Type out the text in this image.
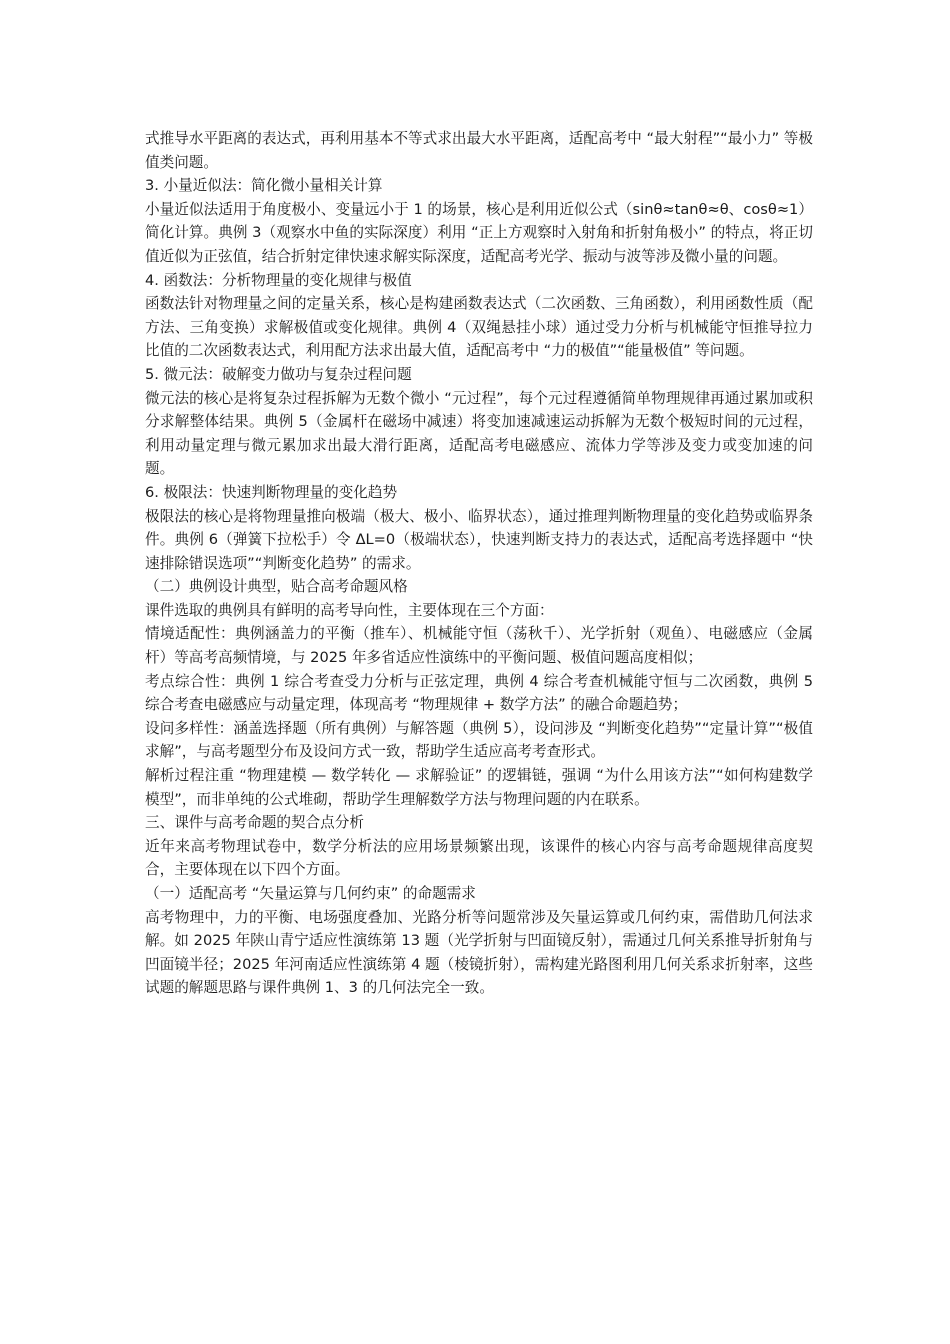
式推导水平距离的表达式，再利用基本不等式求出最大水平距离，适配高考中 “最大射程”“最小力” 等极值类问题。

3. 小量近似法：简化微小量相关计算

小量近似法适用于角度极小、变量远小于 1 的场景，核心是利用近似公式（sinθ≈tanθ≈θ、cosθ≈1）简化计算。典例 3（观察水中鱼的实际深度）利用 “正上方观察时入射角和折射角极小” 的特点，将正切值近似为正弦值，结合折射定律快速求解实际深度，适配高考光学、振动与波等涉及微小量的问题。

4. 函数法：分析物理量的变化规律与极值

函数法针对物理量之间的定量关系，核心是构建函数表达式（二次函数、三角函数），利用函数性质（配方法、三角变换）求解极值或变化规律。典例 4（双绳悬挂小球）通过受力分析与机械能守恒推导拉力比值的二次函数表达式，利用配方法求出最大值，适配高考中 “力的极值”“能量极值” 等问题。

5. 微元法：破解变力做功与复杂过程问题

微元法的核心是将复杂过程拆解为无数个微小 “元过程”，每个元过程遵循简单物理规律再通过累加或积分求解整体结果。典例 5（金属杆在磁场中减速）将变加速减速运动拆解为无数个极短时间的元过程，利用动量定理与微元累加求出最大滑行距离，适配高考电磁感应、流体力学等涉及变力或变加速的问题。

6. 极限法：快速判断物理量的变化趋势

极限法的核心是将物理量推向极端（极大、极小、临界状态），通过推理判断物理量的变化趋势或临界条件。典例 6（弹簧下拉松手）令 ΔL=0（极端状态），快速判断支持力的表达式，适配高考选择题中 “快速排除错误选项”“判断变化趋势” 的需求。

（二）典例设计典型，贴合高考命题风格

课件选取的典例具有鲜明的高考导向性，主要体现在三个方面：

情境适配性：典例涵盖力的平衡（推车）、机械能守恒（荡秋千）、光学折射（观鱼）、电磁感应（金属杆）等高考高频情境，与 2025 年多省适应性演练中的平衡问题、极值问题高度相似；

考点综合性：典例 1 综合考查受力分析与正弦定理，典例 4 综合考查机械能守恒与二次函数，典例 5 综合考查电磁感应与动量定理，体现高考 “物理规律 + 数学方法” 的融合命题趋势；

设问多样性：涵盖选择题（所有典例）与解答题（典例 5），设问涉及 “判断变化趋势”“定量计算”“极值求解”，与高考题型分布及设问方式一致，帮助学生适应高考考查形式。

解析过程注重 “物理建模 — 数学转化 — 求解验证” 的逻辑链，强调 “为什么用该方法”“如何构建数学模型”，而非单纯的公式堆砌，帮助学生理解数学方法与物理问题的内在联系。

三、课件与高考命题的契合点分析

近年来高考物理试卷中，数学分析法的应用场景频繁出现，该课件的核心内容与高考命题规律高度契合，主要体现在以下四个方面。

（一）适配高考 “矢量运算与几何约束” 的命题需求

高考物理中，力的平衡、电场强度叠加、光路分析等问题常涉及矢量运算或几何约束，需借助几何法求解。如 2025 年陕山青宁适应性演练第 13 题（光学折射与凹面镜反射），需通过几何关系推导折射角与凹面镜半径；2025 年河南适应性演练第 4 题（棱镜折射），需构建光路图利用几何关系求折射率，这些试题的解题思路与课件典例 1、3 的几何法完全一致。
